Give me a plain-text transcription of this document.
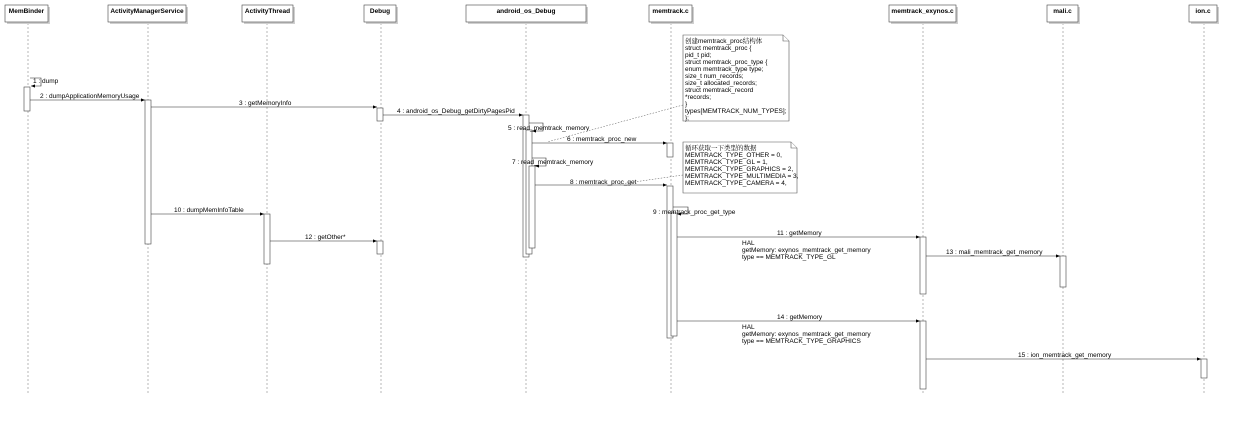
MemBinder	ActivityManagerService	ActivityThread	Debug	android_os_Debug	memtrack.c	memtrack_exynos.c	mali.c	ion.c
1 : dump
2 : dumpApplicationMemoryUsage
3 : getMemoryInfo
4 : android_os_Debug_getDirtyPagesPid
5 : read_memtrack_memory
6 : memtrack_proc_new
7 : read_memtrack_memory
8 : memtrack_proc_get
9 : memtrack_proc_get_type
10 : dumpMemInfoTable
11 : getMemory
12 : getOther*
13 : mali_memtrack_get_memory
14 : getMemory
15 : ion_memtrack_get_memory
HAL
getMemory: exynos_memtrack_get_memory
type == MEMTRACK_TYPE_GL
HAL
getMemory: exynos_memtrack_get_memory
type == MEMTRACK_TYPE_GRAPHICS
创建memtrack_proc结构体
struct memtrack_proc {
pid_t pid;
struct memtrack_proc_type {
enum memtrack_type type;
size_t num_records;
size_t allocated_records;
struct memtrack_record
*records;
}
types[MEMTRACK_NUM_TYPES];
};
循环获取一下类型的数据
MEMTRACK_TYPE_OTHER = 0,
MEMTRACK_TYPE_GL = 1,
MEMTRACK_TYPE_GRAPHICS = 2,
MEMTRACK_TYPE_MULTIMEDIA = 3,
MEMTRACK_TYPE_CAMERA = 4,
